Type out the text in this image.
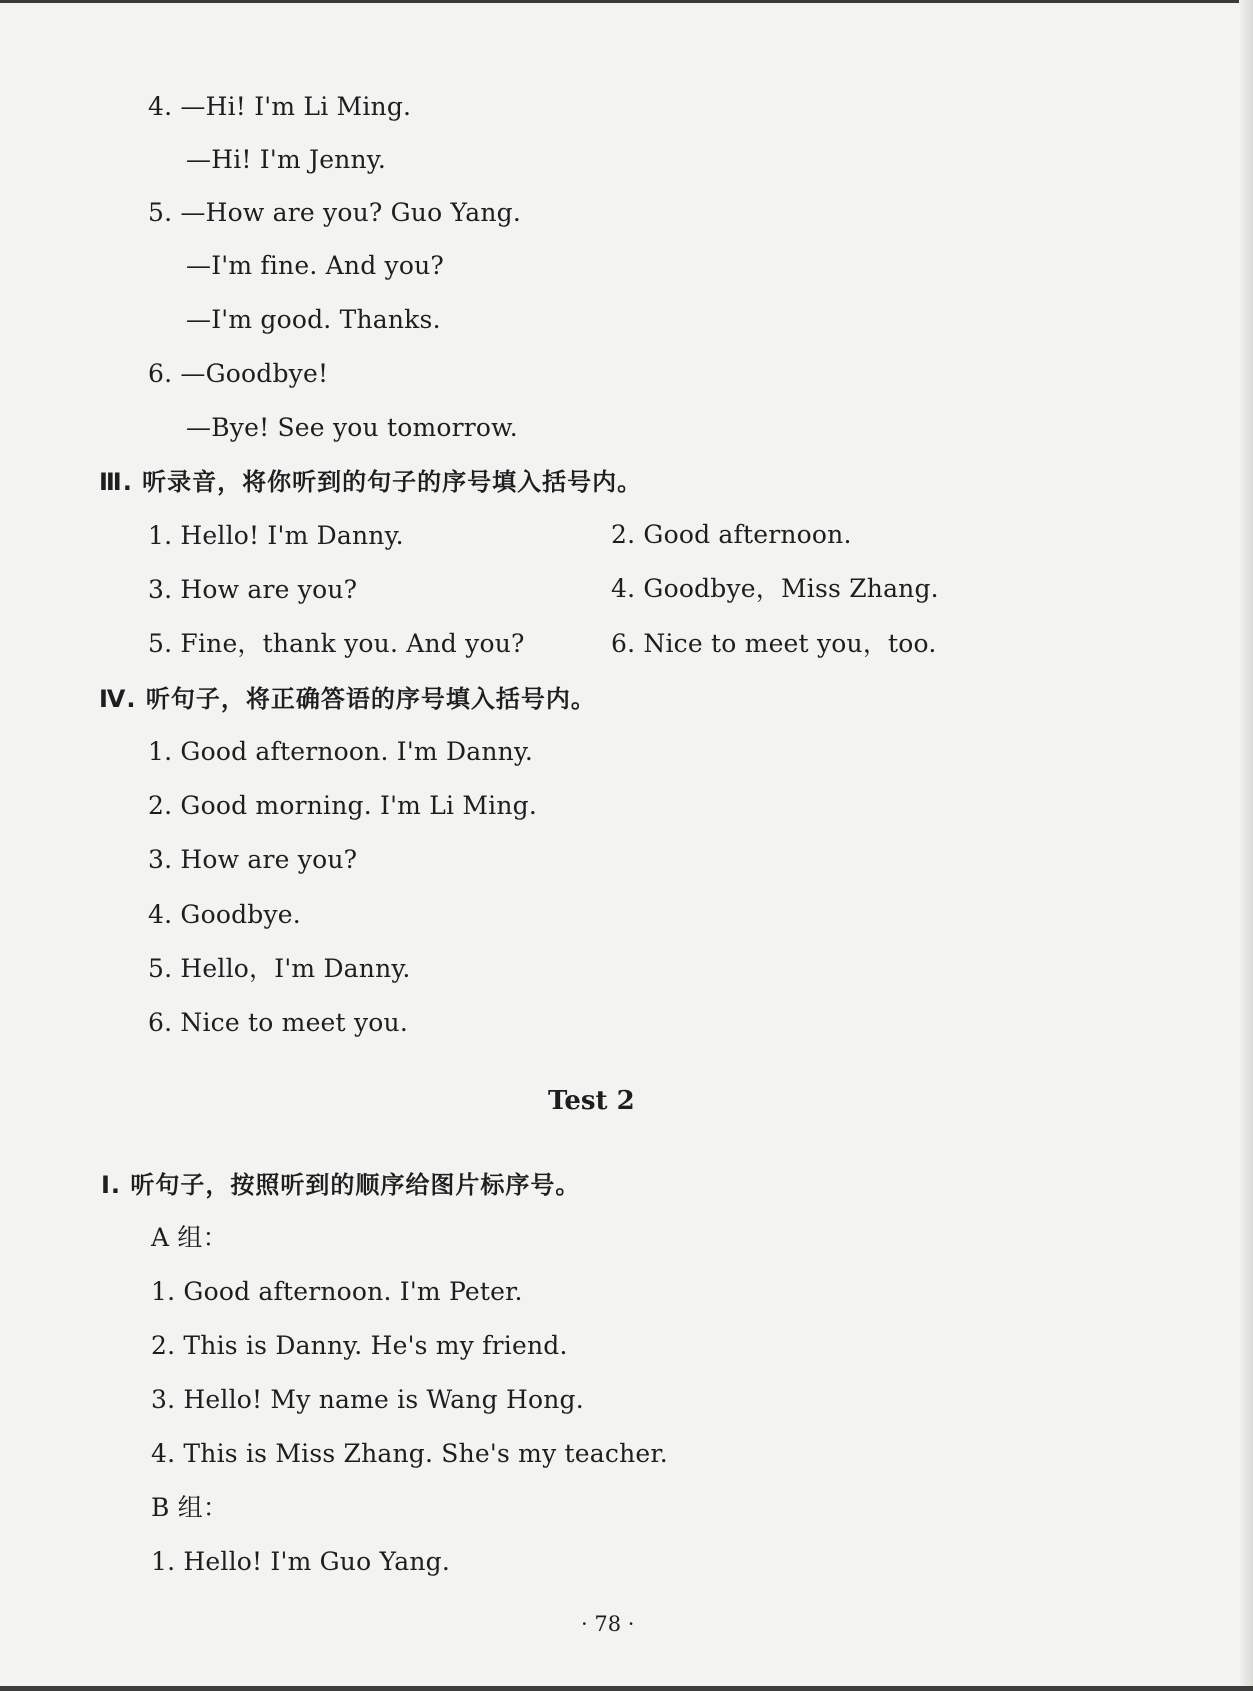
4. —Hi! I'm Li Ming.
—Hi! I'm Jenny.
5. —How are you? Guo Yang.
—I'm fine. And you?
—I'm good. Thanks.
6. —Goodbye!
—Bye! See you tomorrow.
Ⅲ. 听录音，将你听到的句子的序号填入括号内。
1. Hello! I'm Danny.	2. Good afternoon.
3. How are you?	4. Goodbye，Miss Zhang.
5. Fine，thank you. And you?	6. Nice to meet you，too.
Ⅳ. 听句子，将正确答语的序号填入括号内。
1. Good afternoon. I'm Danny.
2. Good morning. I'm Li Ming.
3. How are you?
4. Goodbye.
5. Hello，I'm Danny.
6. Nice to meet you.
Test 2
Ⅰ. 听句子，按照听到的顺序给图片标序号。
A 组：
1. Good afternoon. I'm Peter.
2. This is Danny. He's my friend.
3. Hello! My name is Wang Hong.
4. This is Miss Zhang. She's my teacher.
B 组：
1. Hello! I'm Guo Yang.
· 78 ·
